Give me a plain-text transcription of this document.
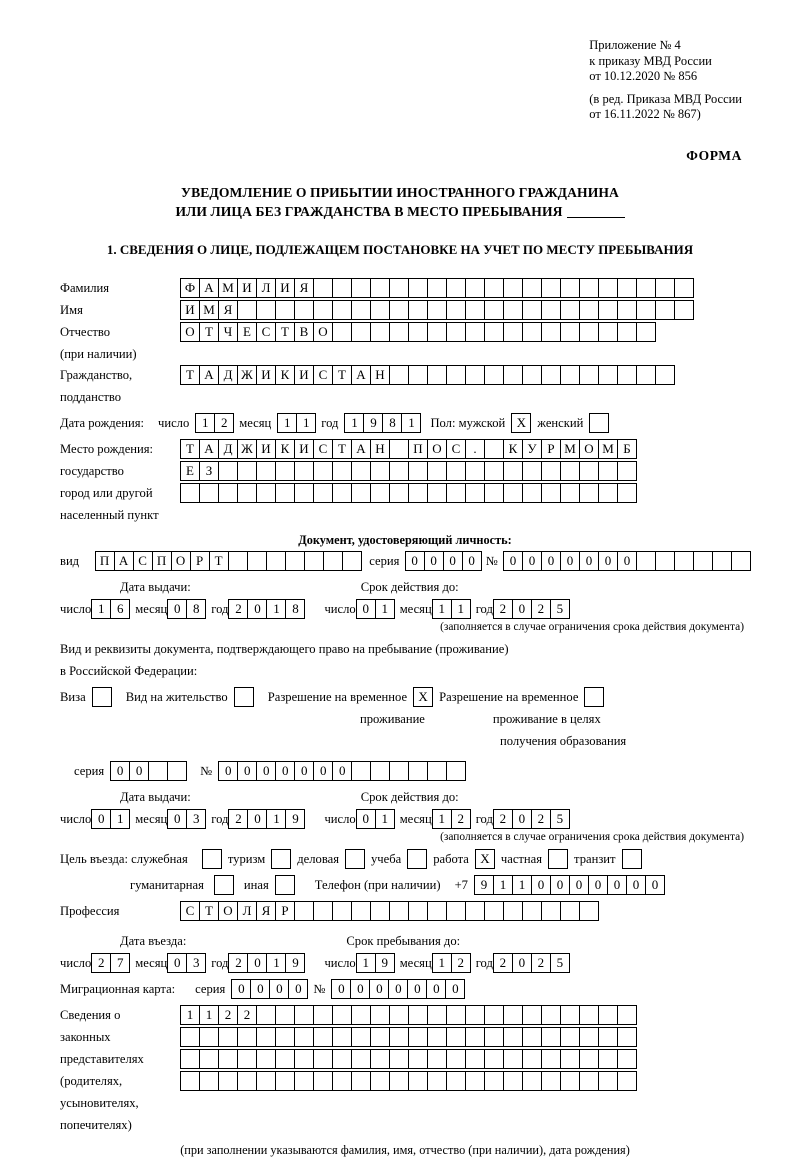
Приложение № 4
к приказу МВД России
от 10.12.2020 № 856
(в ред. Приказа МВД России
от 16.11.2022 № 867)
ФОРМА
УВЕДОМЛЕНИЕ О ПРИБЫТИИ ИНОСТРАННОГО ГРАЖДАНИНА
ИЛИ ЛИЦА БЕЗ ГРАЖДАНСТВА В МЕСТО ПРЕБЫВАНИЯ
1. СВЕДЕНИЯ О ЛИЦЕ, ПОДЛЕЖАЩЕМ ПОСТАНОВКЕ НА УЧЕТ ПО МЕСТУ ПРЕБЫВАНИЯ
Фамилия	Ф А М И Л И Я
Имя	И М Я
Отчество	О Т Ч Е С Т В О
(при наличии)
Гражданство,	Т А Д Ж И К И С Т А Н
подданство
Дата рождения: число 1 2 месяц 1 1 год 1 9 8 1	Пол: мужской X женский
Место рождения:	Т А Д Ж И К И С Т А Н	П О С	.	К У Р М О М Б
государство	Е З
город или другой
населенный пункт
Документ, удостоверяющий личность:
вид	П А С П О Р Т	серия 0 0 0 0 № 0 0 0 0 0 0 0
Дата выдачи:	Срок действия до:
число 1 6 месяц 0 8 год 2 0 1 8	число 0 1 месяц 1 1 год 2 0 2 5
(заполняется в случае ограничения срока действия документа)
Вид и реквизиты документа, подтверждающего право на пребывание (проживание)
в Российской Федерации:
Виза	Вид на жительство	Разрешение на временное X Разрешение на временное
проживание	проживание в целях
получения образования
серия 0 0	№ 0 0 0 0 0 0 0
Дата выдачи:	Срок действия до:
число 0 1 месяц 0 3 год 2 0 1 9	число 0 1 месяц 1 2 год 2 0 2 5
(заполняется в случае ограничения срока действия документа)
Цель въезда: служебная	туризм	деловая	учеба	работа X частная	транзит
гуманитарная	иная	Телефон (при наличии) +7 9 1 1 0 0 0 0 0 0 0
Профессия	С Т О Л Я Р
Дата въезда:	Срок пребывания до:
число 2 7 месяц 0 3 год 2 0 1 9	число 1 9 месяц 1 2 год 2 0 2 5
Миграционная карта: серия 0 0 0 0 № 0 0 0 0 0 0 0
Сведения о	1 1 2 2
законных
представителях
(родителях,
усыновителях,
попечителях)
(при заполнении указываются фамилия, имя, отчество (при наличии), дата рождения)
